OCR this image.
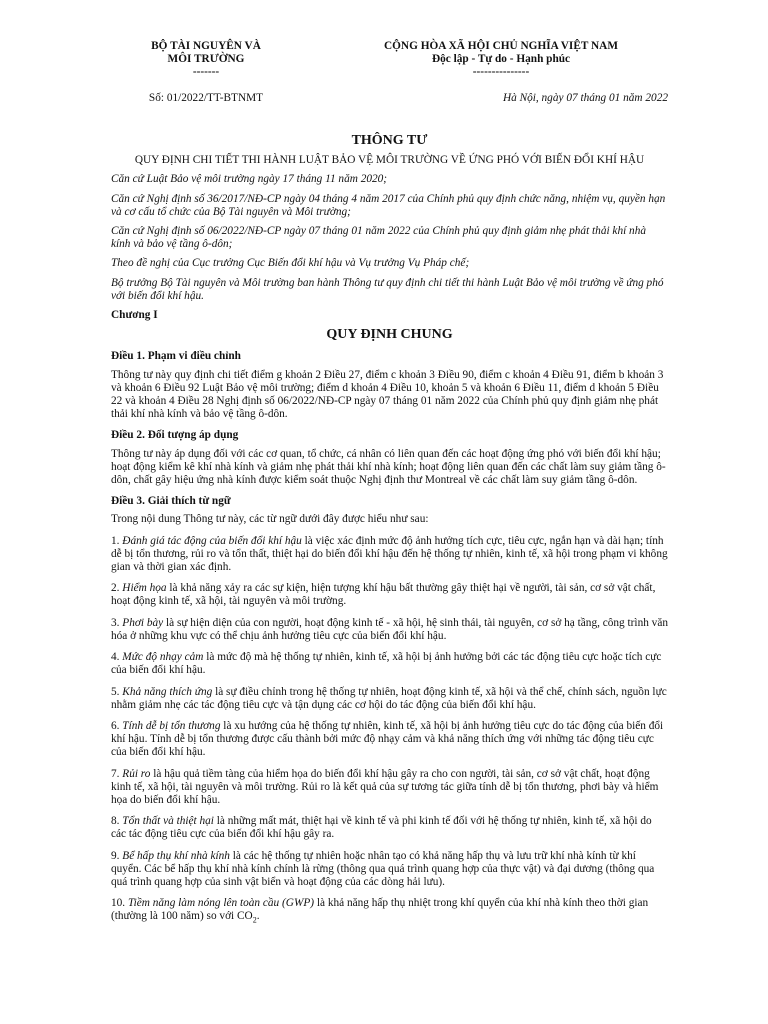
BỘ TÀI NGUYÊN VÀ
MÔI TRƯỜNG
-------
CỘNG HÒA XÃ HỘI CHỦ NGHĨA VIỆT NAM
Độc lập - Tự do - Hạnh phúc
---------------
Số: 01/2022/TT-BTNMT	Hà Nội, ngày 07 tháng 01 năm 2022
THÔNG TƯ
QUY ĐỊNH CHI TIẾT THI HÀNH LUẬT BẢO VỆ MÔI TRƯỜNG VỀ ỨNG PHÓ VỚI BIẾN ĐỔI KHÍ HẬU
Căn cứ Luật Bảo vệ môi trường ngày 17 tháng 11 năm 2020;
Căn cứ Nghị định số 36/2017/NĐ-CP ngày 04 tháng 4 năm 2017 của Chính phủ quy định chức năng, nhiệm vụ, quyền hạn và cơ cấu tổ chức của Bộ Tài nguyên và Môi trường;
Căn cứ Nghị định số 06/2022/NĐ-CP ngày 07 tháng 01 năm 2022 của Chính phủ quy định giảm nhẹ phát thải khí nhà kính và bảo vệ tầng ô-dôn;
Theo đề nghị của Cục trưởng Cục Biến đổi khí hậu và Vụ trưởng Vụ Pháp chế;
Bộ trưởng Bộ Tài nguyên và Môi trường ban hành Thông tư quy định chi tiết thi hành Luật Bảo vệ môi trường về ứng phó với biến đổi khí hậu.
Chương I
QUY ĐỊNH CHUNG
Điều 1. Phạm vi điều chỉnh
Thông tư này quy định chi tiết điểm g khoản 2 Điều 27, điểm c khoản 3 Điều 90, điểm c khoản 4 Điều 91, điểm b khoản 3 và khoản 6 Điều 92 Luật Bảo vệ môi trường; điểm d khoản 4 Điều 10, khoản 5 và khoản 6 Điều 11, điểm d khoản 5 Điều 22 và khoản 4 Điều 28 Nghị định số 06/2022/NĐ-CP ngày 07 tháng 01 năm 2022 của Chính phủ quy định giảm nhẹ phát thải khí nhà kính và bảo vệ tầng ô-dôn.
Điều 2. Đối tượng áp dụng
Thông tư này áp dụng đối với các cơ quan, tổ chức, cá nhân có liên quan đến các hoạt động ứng phó với biến đổi khí hậu; hoạt động kiểm kê khí nhà kính và giảm nhẹ phát thải khí nhà kính; hoạt động liên quan đến các chất làm suy giảm tầng ô-dôn, chất gây hiệu ứng nhà kính được kiểm soát thuộc Nghị định thư Montreal về các chất làm suy giảm tầng ô-dôn.
Điều 3. Giải thích từ ngữ
Trong nội dung Thông tư này, các từ ngữ dưới đây được hiểu như sau:
1. Đánh giá tác động của biến đổi khí hậu là việc xác định mức độ ảnh hưởng tích cực, tiêu cực, ngắn hạn và dài hạn; tính dễ bị tổn thương, rủi ro và tổn thất, thiệt hại do biến đổi khí hậu đến hệ thống tự nhiên, kinh tế, xã hội trong phạm vi không gian và thời gian xác định.
2. Hiểm họa là khả năng xảy ra các sự kiện, hiện tượng khí hậu bất thường gây thiệt hại về người, tài sản, cơ sở vật chất, hoạt động kinh tế, xã hội, tài nguyên và môi trường.
3. Phơi bày là sự hiện diện của con người, hoạt động kinh tế - xã hội, hệ sinh thái, tài nguyên, cơ sở hạ tầng, công trình văn hóa ở những khu vực có thể chịu ảnh hưởng tiêu cực của biến đổi khí hậu.
4. Mức độ nhạy cảm là mức độ mà hệ thống tự nhiên, kinh tế, xã hội bị ảnh hưởng bởi các tác động tiêu cực hoặc tích cực của biến đổi khí hậu.
5. Khả năng thích ứng là sự điều chỉnh trong hệ thống tự nhiên, hoạt động kinh tế, xã hội và thể chế, chính sách, nguồn lực nhằm giảm nhẹ các tác động tiêu cực và tận dụng các cơ hội do tác động của biến đổi khí hậu.
6. Tính dễ bị tổn thương là xu hướng của hệ thống tự nhiên, kinh tế, xã hội bị ảnh hưởng tiêu cực do tác động của biến đổi khí hậu. Tính dễ bị tổn thương được cấu thành bởi mức độ nhạy cảm và khả năng thích ứng với những tác động tiêu cực của biến đổi khí hậu.
7. Rủi ro là hậu quả tiềm tàng của hiểm họa do biến đổi khí hậu gây ra cho con người, tài sản, cơ sở vật chất, hoạt động kinh tế, xã hội, tài nguyên và môi trường. Rủi ro là kết quả của sự tương tác giữa tính dễ bị tổn thương, phơi bày và hiểm họa do biến đổi khí hậu.
8. Tổn thất và thiệt hại là những mất mát, thiệt hại về kinh tế và phi kinh tế đối với hệ thống tự nhiên, kinh tế, xã hội do các tác động tiêu cực của biến đổi khí hậu gây ra.
9. Bể hấp thụ khí nhà kính là các hệ thống tự nhiên hoặc nhân tạo có khả năng hấp thụ và lưu trữ khí nhà kính từ khí quyển. Các bể hấp thụ khí nhà kính chính là rừng (thông qua quá trình quang hợp của thực vật) và đại dương (thông qua quá trình quang hợp của sinh vật biển và hoạt động của các dòng hải lưu).
10. Tiềm năng làm nóng lên toàn cầu (GWP) là khả năng hấp thụ nhiệt trong khí quyển của khí nhà kính theo thời gian (thường là 100 năm) so với $CO_2$.
